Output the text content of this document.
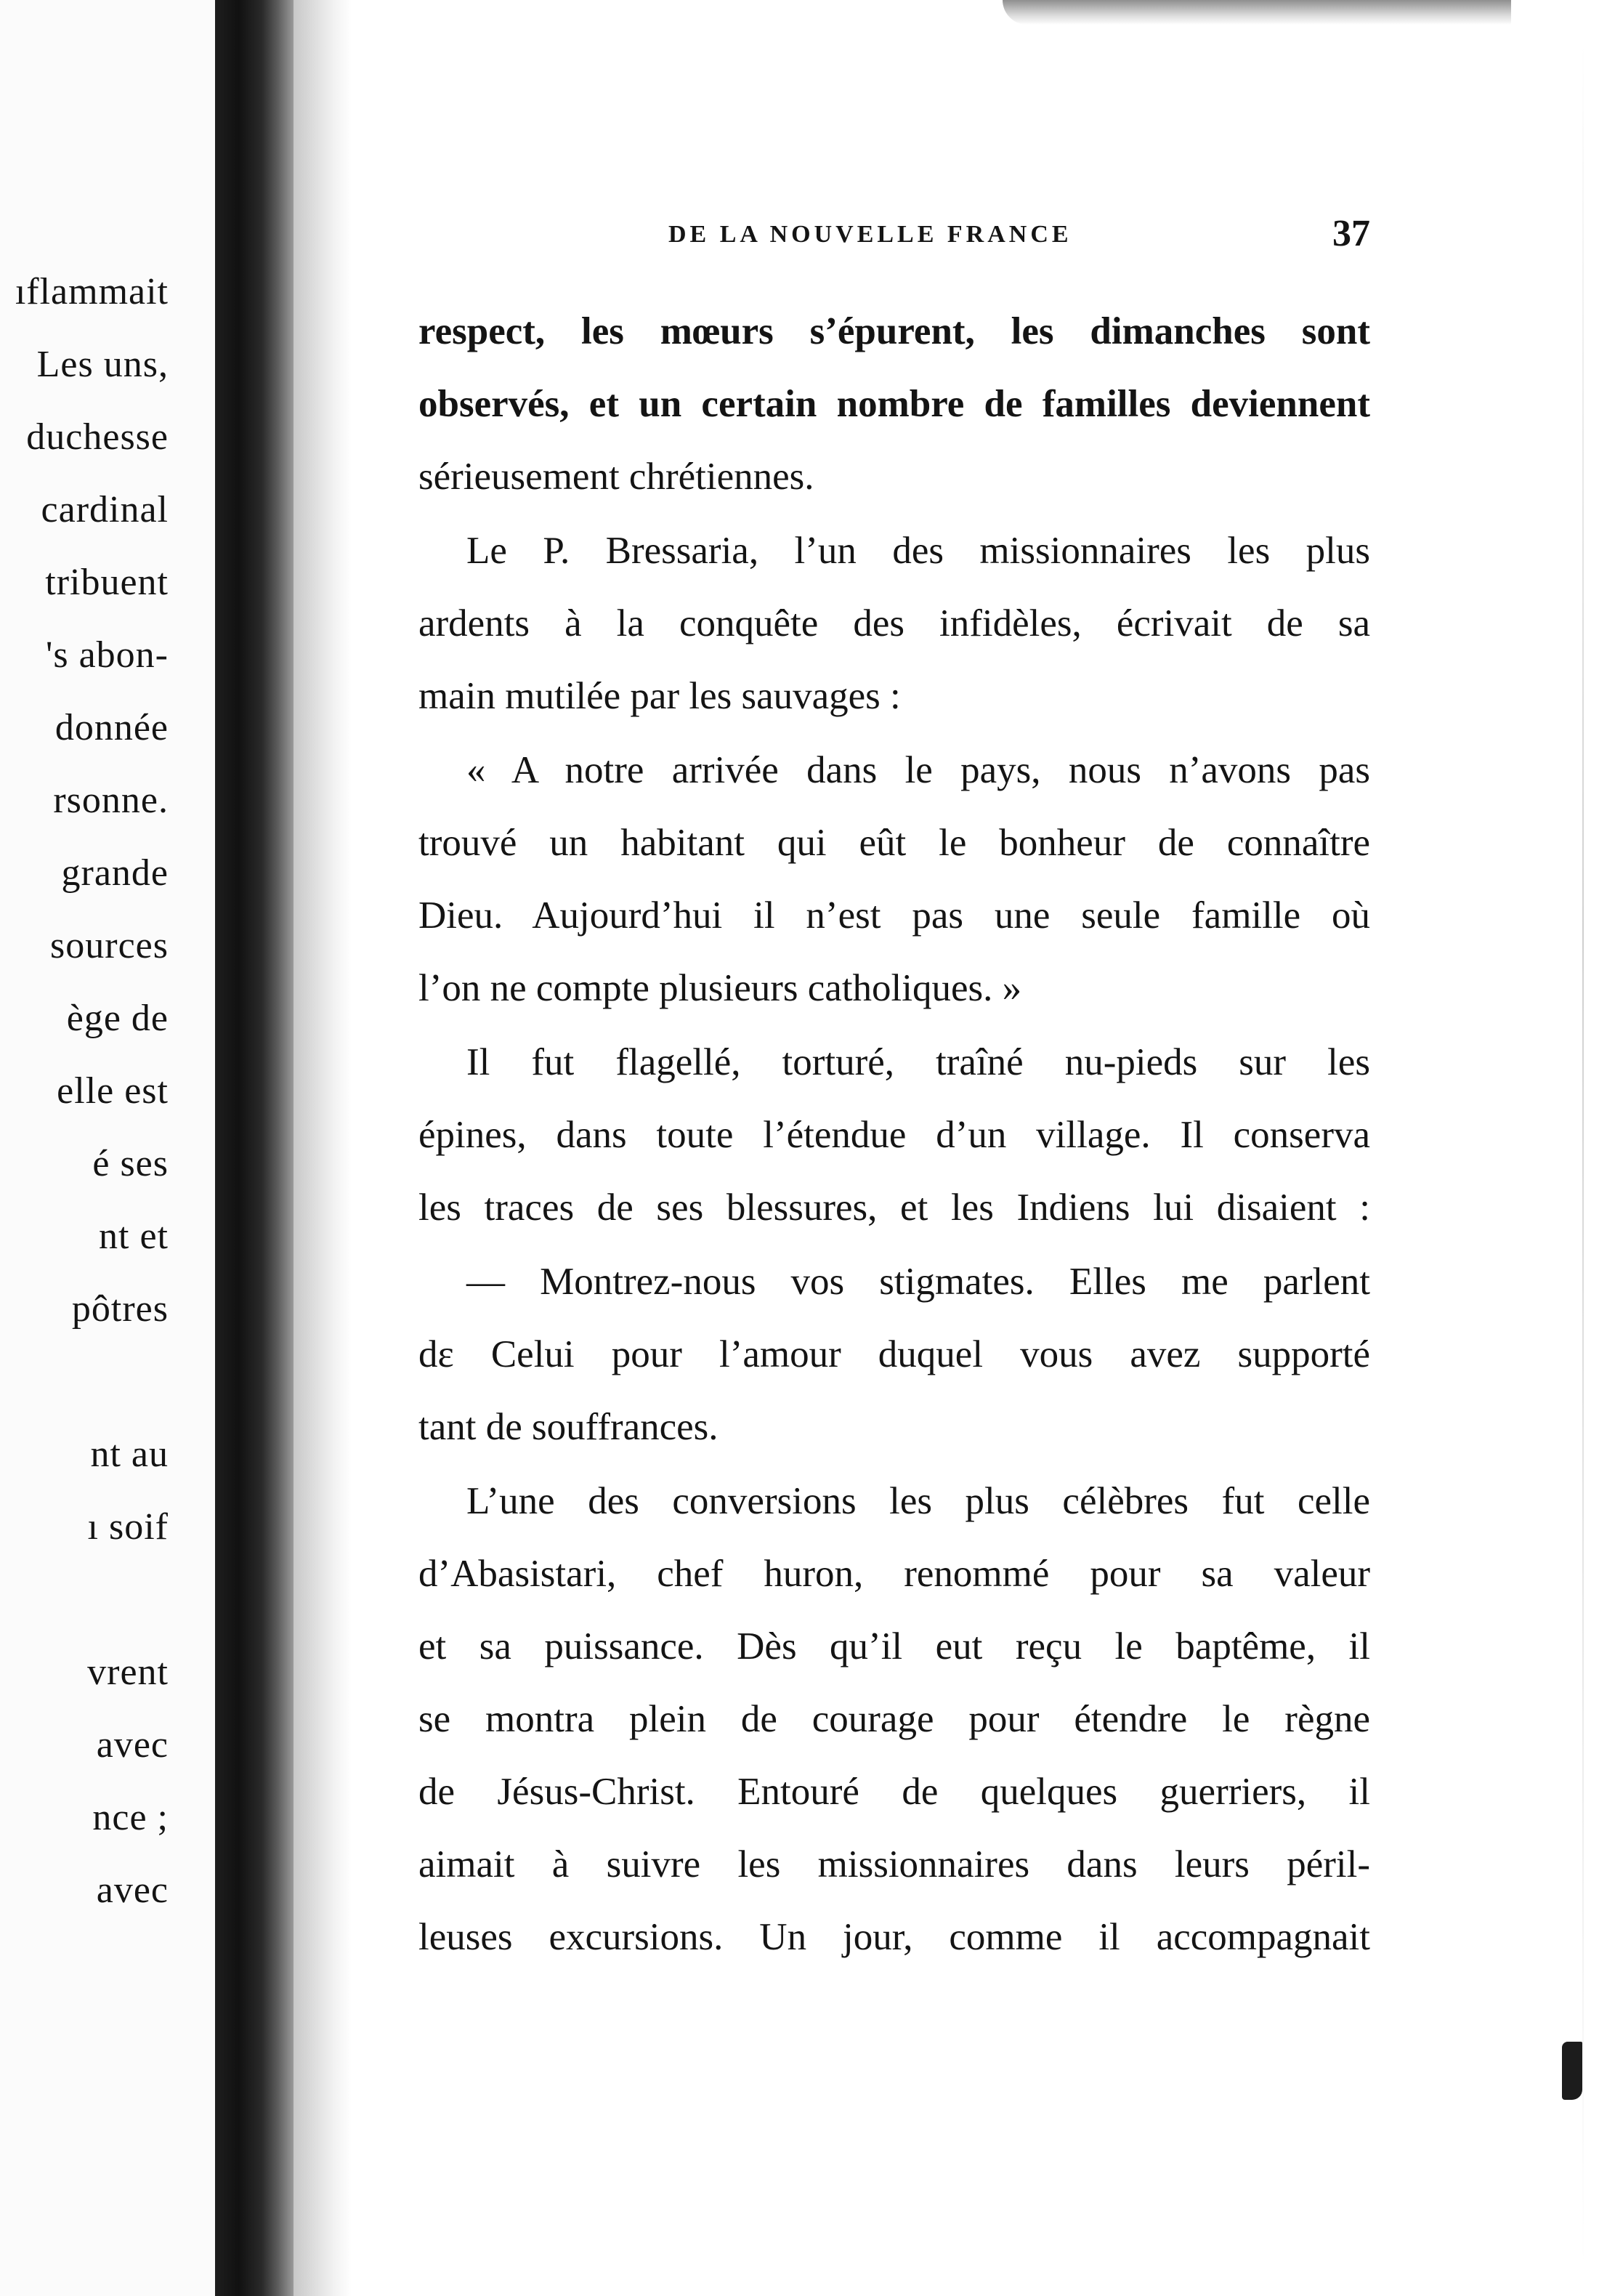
ıflammait
Les uns,
duchesse
cardinal
tribuent
's abon-
donnée
rsonne.
grande
sources
ège de
elle est
é ses
nt et
pôtres
nt au
ı soif
vrent
avec
nce ;
avec
DE LA NOUVELLE FRANCE	37
respect, les mœurs s’épurent, les dimanches sont
observés, et un certain nombre de familles deviennent
sérieusement chrétiennes.
Le P. Bressaria, l’un des missionnaires les plus
ardents à la conquête des infidèles, écrivait de sa
main mutilée par les sauvages :
« A notre arrivée dans le pays, nous n’avons pas
trouvé un habitant qui eût le bonheur de connaître
Dieu. Aujourd’hui il n’est pas une seule famille où
l’on ne compte plusieurs catholiques. »
Il fut flagellé, torturé, traîné nu-pieds sur les
épines, dans toute l’étendue d’un village. Il conserva
les traces de ses blessures, et les Indiens lui disaient :
— Montrez-nous vos stigmates. Elles me parlent
dε Celui pour l’amour duquel vous avez supporté
tant de souffrances.
L’une des conversions les plus célèbres fut celle
d’Abasistari, chef huron, renommé pour sa valeur
et sa puissance. Dès qu’il eut reçu le baptême, il
se montra plein de courage pour étendre le règne
de Jésus-Christ. Entouré de quelques guerriers, il
aimait à suivre les missionnaires dans leurs péril-
leuses excursions. Un jour, comme il accompagnait
